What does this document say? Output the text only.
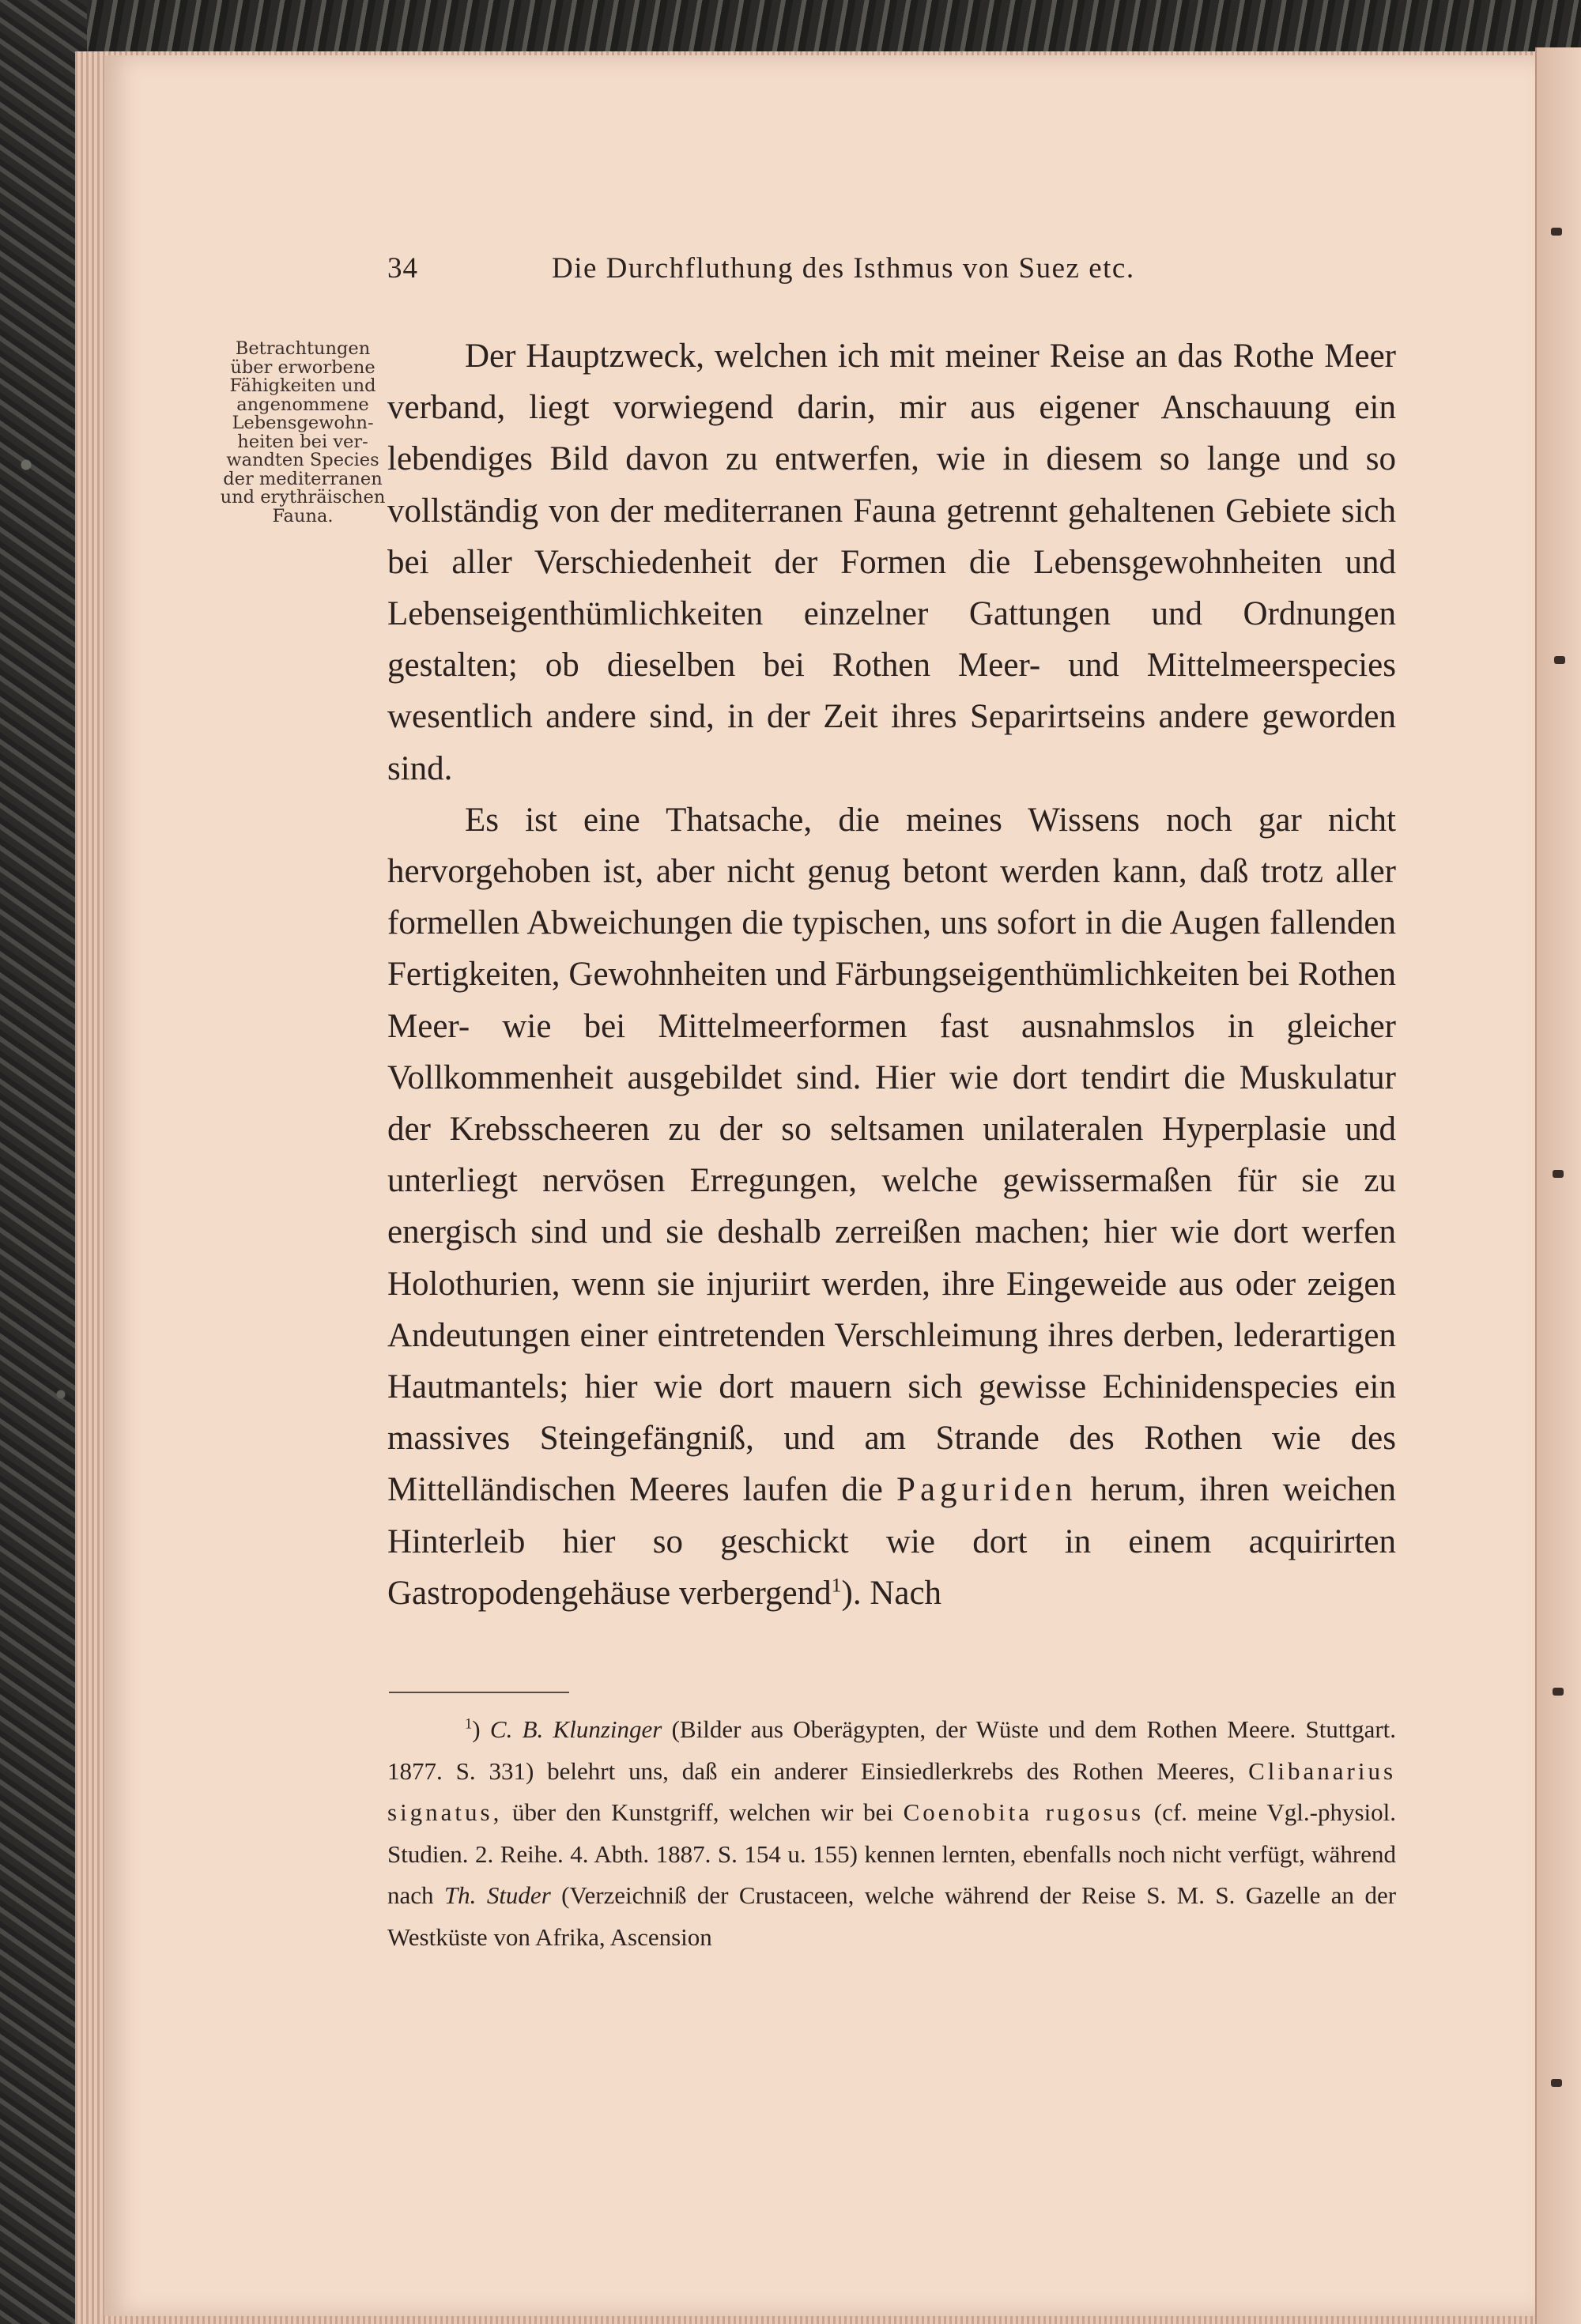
34	Die Durchfluthung des Isthmus von Suez etc.
Betrachtungen
über erworbene
Fähigkeiten und
angenommene
Lebensgewohn-
heiten bei ver-
wandten Species
der mediterranen
und erythräischen
Fauna.

Der Hauptzweck, welchen ich mit meiner Reise an das Rothe Meer verband, liegt vorwiegend darin, mir aus eigener Anschauung ein lebendiges Bild davon zu entwerfen, wie in diesem so lange und so vollständig von der mediterranen Fauna getrennt gehaltenen Gebiete sich bei aller Verschiedenheit der Formen die Lebensgewohnheiten und Lebenseigenthümlichkeiten einzelner Gattungen und Ordnungen gestalten; ob dieselben bei Rothen Meer- und Mittelmeerspecies wesentlich andere sind, in der Zeit ihres Separirtseins andere geworden sind.

Es ist eine Thatsache, die meines Wissens noch gar nicht hervorgehoben ist, aber nicht genug betont werden kann, daß trotz aller formellen Abweichungen die typischen, uns sofort in die Augen fallenden Fertigkeiten, Gewohnheiten und Färbungseigenthümlichkeiten bei Rothen Meer- wie bei Mittelmeerformen fast ausnahmslos in gleicher Vollkommenheit ausgebildet sind. Hier wie dort tendirt die Muskulatur der Krebsscheeren zu der so seltsamen unilateralen Hyperplasie und unterliegt nervösen Erregungen, welche gewissermaßen für sie zu energisch sind und sie deshalb zerreißen machen; hier wie dort werfen Holothurien, wenn sie injuriirt werden, ihre Eingeweide aus oder zeigen Andeutungen einer eintretenden Verschleimung ihres derben, lederartigen Hautmantels; hier wie dort mauern sich gewisse Echinidenspecies ein massives Steingefängniß, und am Strande des Rothen wie des Mittelländischen Meeres laufen die Paguriden herum, ihren weichen Hinterleib hier so geschickt wie dort in einem acquirirten Gastropodengehäuse verbergend$^1$). Nach

$^1$) C. B. Klunzinger (Bilder aus Oberägypten, der Wüste und dem Rothen Meere. Stuttgart. 1877. S. 331) belehrt uns, daß ein anderer Einsiedlerkrebs des Rothen Meeres, Clibanarius signatus, über den Kunstgriff, welchen wir bei Coenobita rugosus (cf. meine Vgl.-physiol. Studien. 2. Reihe. 4. Abth. 1887. S. 154 u. 155) kennen lernten, ebenfalls noch nicht verfügt, während nach Th. Studer (Verzeichniß der Crustaceen, welche während der Reise S. M. S. Gazelle an der Westküste von Afrika, Ascension
